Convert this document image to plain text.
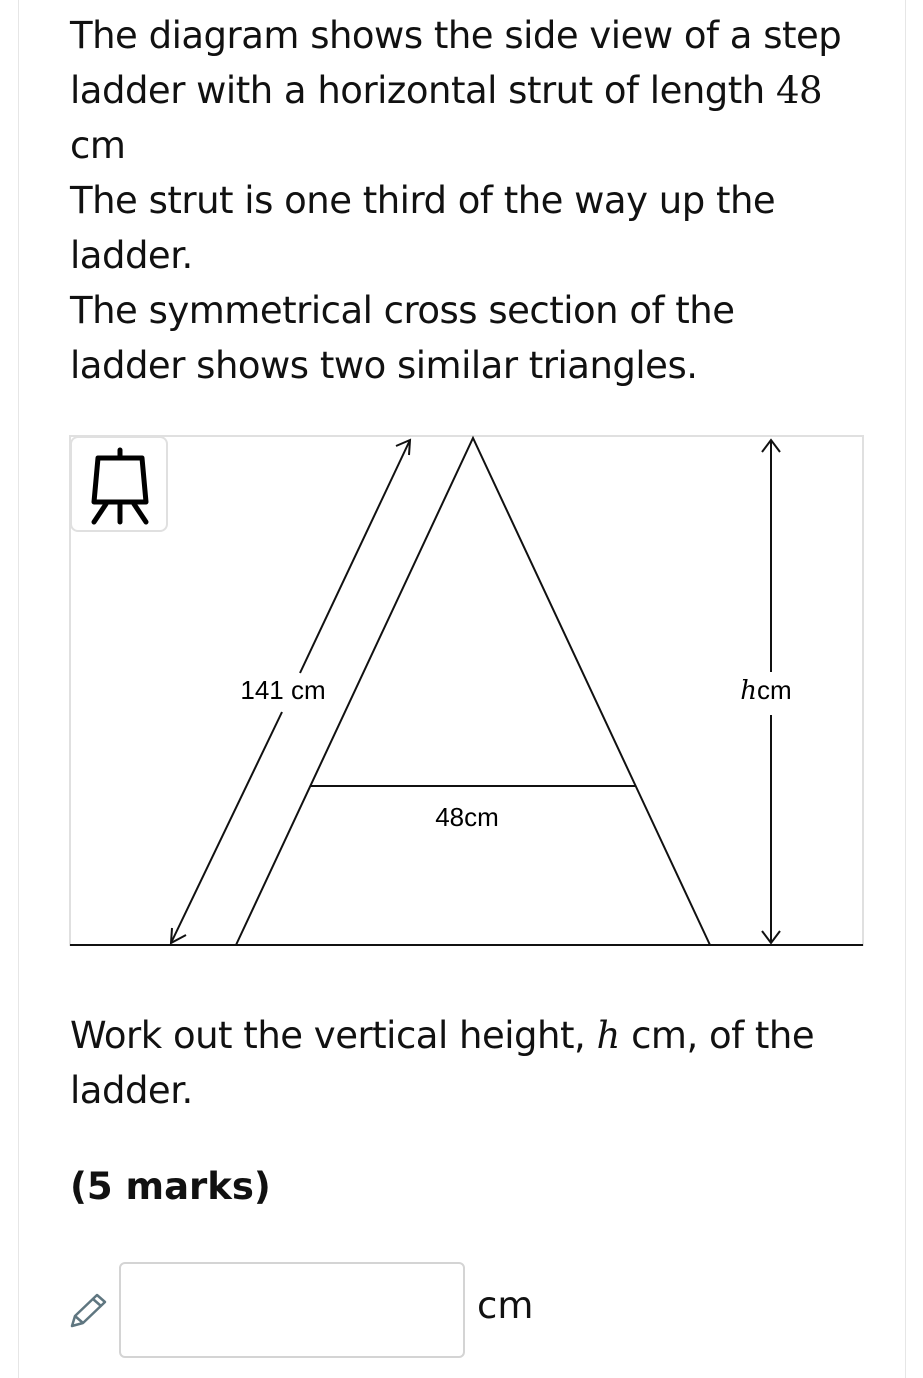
The diagram shows the side view of a step ladder with a horizontal strut of length 48 cm

The strut is one third of the way up the ladder.

The symmetrical cross section of the ladder shows two similar triangles.

141 cm
48cm
h cm

Work out the vertical height, h cm, of the ladder.

(5 marks)
cm
